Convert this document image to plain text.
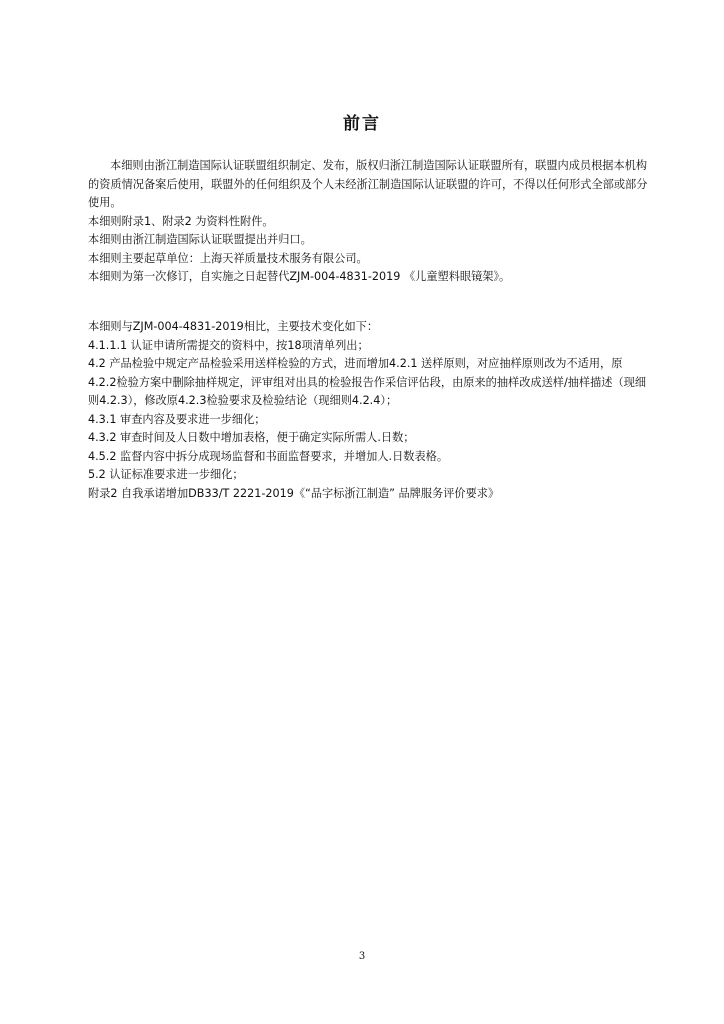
前言

本细则由浙江制造国际认证联盟组织制定、发布，版权归浙江制造国际认证联盟所有，联盟内成员根据本机构的资质情况备案后使用，联盟外的任何组织及个人未经浙江制造国际认证联盟的许可，不得以任何形式全部或部分使用。

本细则附录1、附录2 为资料性附件。

本细则由浙江制造国际认证联盟提出并归口。

本细则主要起草单位：上海天祥质量技术服务有限公司。

本细则为第一次修订，自实施之日起替代ZJM-004-4831-2019 《儿童塑料眼镜架》。

本细则与ZJM-004-4831-2019相比，主要技术变化如下：

4.1.1.1 认证申请所需提交的资料中，按18项清单列出；

4.2 产品检验中规定产品检验采用送样检验的方式，进而增加4.2.1 送样原则，对应抽样原则改为不适用，原4.2.2检验方案中删除抽样规定，评审组对出具的检验报告作采信评估段，由原来的抽样改成送样/抽样描述（现细则4.2.3），修改原4.2.3检验要求及检验结论（现细则4.2.4）；

4.3.1 审查内容及要求进一步细化；

4.3.2 审查时间及人日数中增加表格，便于确定实际所需人.日数；

4.5.2 监督内容中拆分成现场监督和书面监督要求，并增加人.日数表格。

5.2 认证标准要求进一步细化；

附录2 自我承诺增加DB33/T 2221-2019《“品字标浙江制造” 品牌服务评价要求》

3
